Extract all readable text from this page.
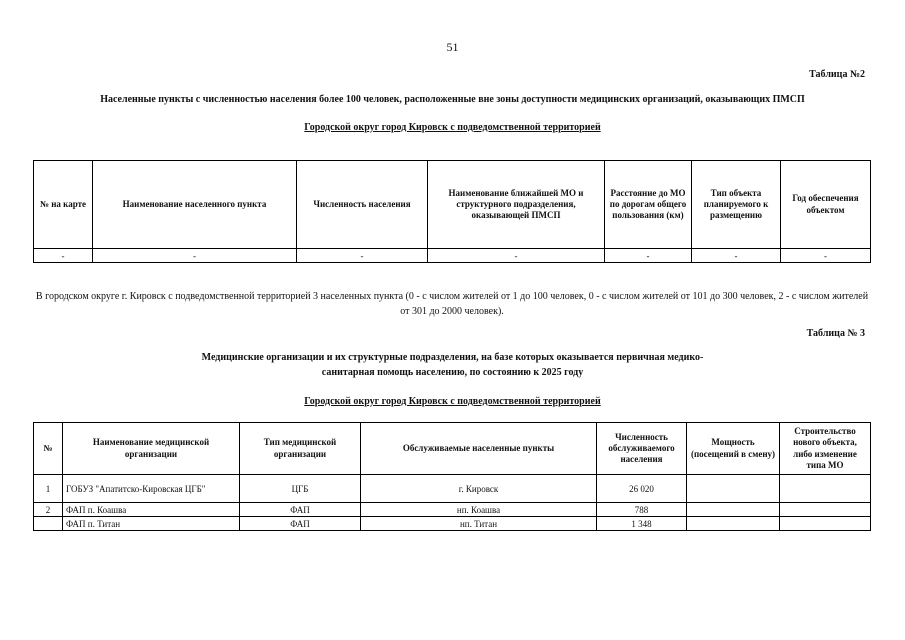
51
Таблица №2
Населенные пункты с численностью населения более 100 человек, расположенные вне зоны доступности медицинских организаций, оказывающих ПМСП
Городской округ город Кировск с подведомственной территорией
№ на карте	Наименование населенного пункта	Численность населения	Наименование ближайшей МО и структурного подразделения, оказывающей ПМСП	Расстояние до МО по дорогам общего пользования (км)	Тип объекта планируемого к размещению	Год обеспечения объектом
-	-	-	-	-	-	-
В городском округе г. Кировск с подведомственной территорией 3 населенных пункта (0 - с числом жителей от 1 до 100 человек, 0 - с числом жителей от 101 до 300 человек, 2 - с числом жителей от 301 до 2000 человек).
Таблица № 3
Медицинские организации и их структурные подразделения, на базе которых оказывается первичная медико-
санитарная помощь населению, по состоянию к 2025 году
Городской округ город Кировск с подведомственной территорией
№	Наименование медицинской организации	Тип медицинской организации	Обслуживаемые населенные пункты	Численность обслуживаемого населения	Мощность (посещений в смену)	Строительство нового объекта, либо изменение типа МО
1	ГОБУЗ "Апатитско-Кировская ЦГБ"	ЦГБ	г. Кировск	26 020		
2	ФАП п. Коашва	ФАП	нп. Коашва	788		
	ФАП п. Титан	ФАП	нп. Титан	1 348		
